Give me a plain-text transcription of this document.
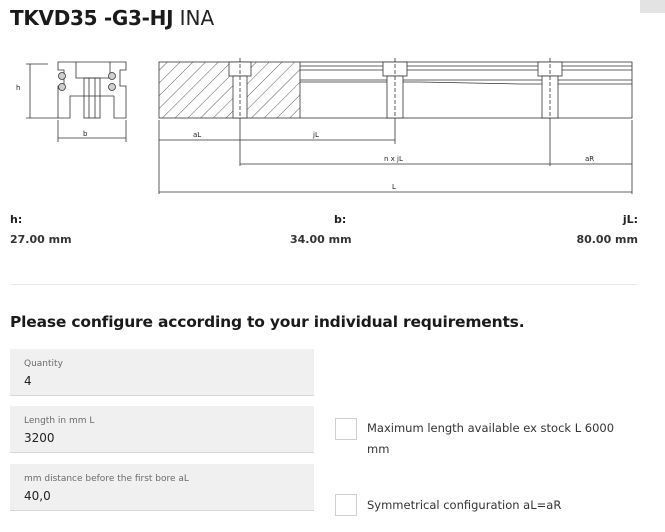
TKVD35 -G3-HJ INA
h
b	aL	jL
n x jL	aR
L
h:
27.00 mm
b:
34.00 mm
jL:
80.00 mm
Please configure according to your individual requirements.
Quantity
4
Length in mm L
3200
mm distance before the first bore aL
40,0
Maximum length available ex stock L 6000 mm
Symmetrical configuration aL=aR
